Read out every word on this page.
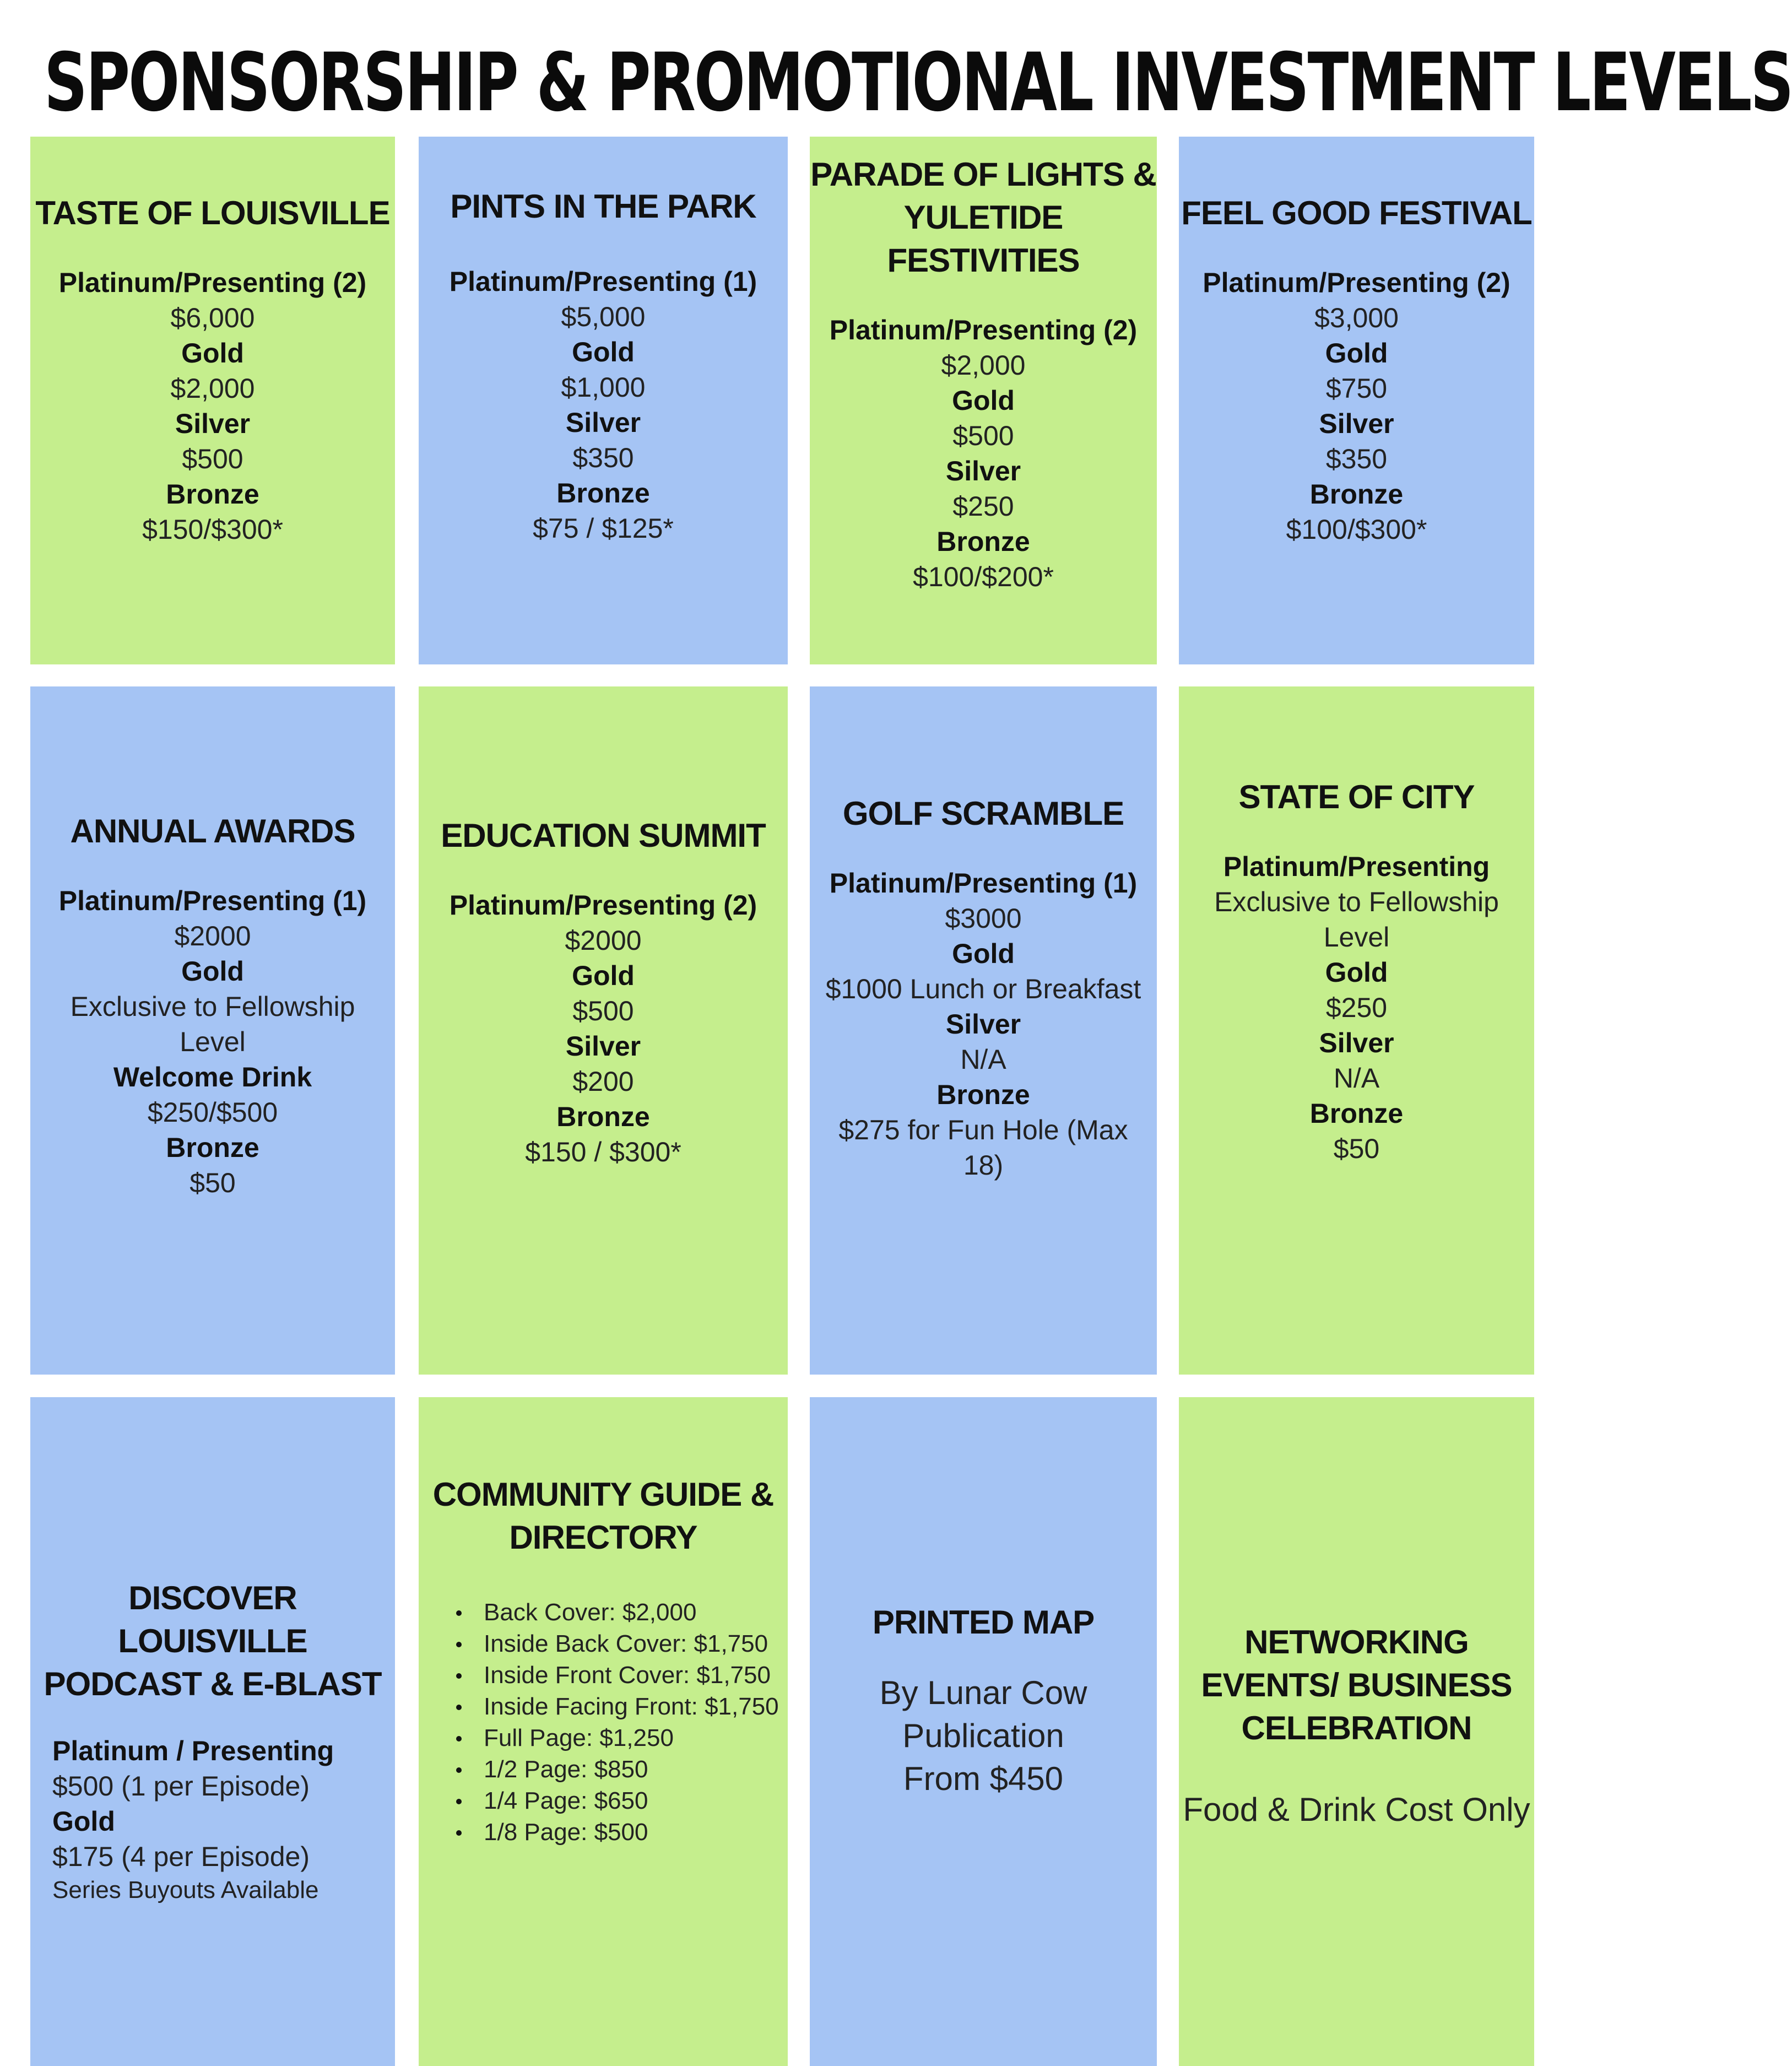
SPONSORSHIP & PROMOTIONAL INVESTMENT LEVELS
TASTE OF LOUISVILLE
Platinum/Presenting (2)
$6,000
Gold
$2,000
Silver
$500
Bronze
$150/$300*
PINTS IN THE PARK
Platinum/Presenting (1)
$5,000
Gold
$1,000
Silver
$350
Bronze
$75 / $125*
PARADE OF LIGHTS &
YULETIDE
FESTIVITIES
Platinum/Presenting (2)
$2,000
Gold
$500
Silver
$250
Bronze
$100/$200*
FEEL GOOD FESTIVAL
Platinum/Presenting (2)
$3,000
Gold
$750
Silver
$350
Bronze
$100/$300*
ANNUAL AWARDS
Platinum/Presenting (1)
$2000
Gold
Exclusive to Fellowship
Level
Welcome Drink
$250/$500
Bronze
$50
EDUCATION SUMMIT
Platinum/Presenting (2)
$2000
Gold
$500
Silver
$200
Bronze
$150 / $300*
GOLF SCRAMBLE
Platinum/Presenting (1)
$3000
Gold
$1000 Lunch or Breakfast
Silver
N/A
Bronze
$275 for Fun Hole (Max
18)
STATE OF CITY
Platinum/Presenting
Exclusive to Fellowship
Level
Gold
$250
Silver
N/A
Bronze
$50
DISCOVER LOUISVILLE
PODCAST & E-BLAST
Platinum / Presenting
$500 (1 per Episode)
Gold
$175 (4 per Episode)
Series Buyouts Available
COMMUNITY GUIDE &
DIRECTORY
Back Cover: $2,000
Inside Back Cover: $1,750
Inside Front Cover: $1,750
Inside Facing Front: $1,750
Full Page: $1,250
1/2 Page: $850
1/4 Page: $650
1/8 Page: $500
PRINTED MAP
By Lunar Cow
Publication
From $450
NETWORKING
EVENTS/ BUSINESS
CELEBRATION
Food & Drink Cost Only
